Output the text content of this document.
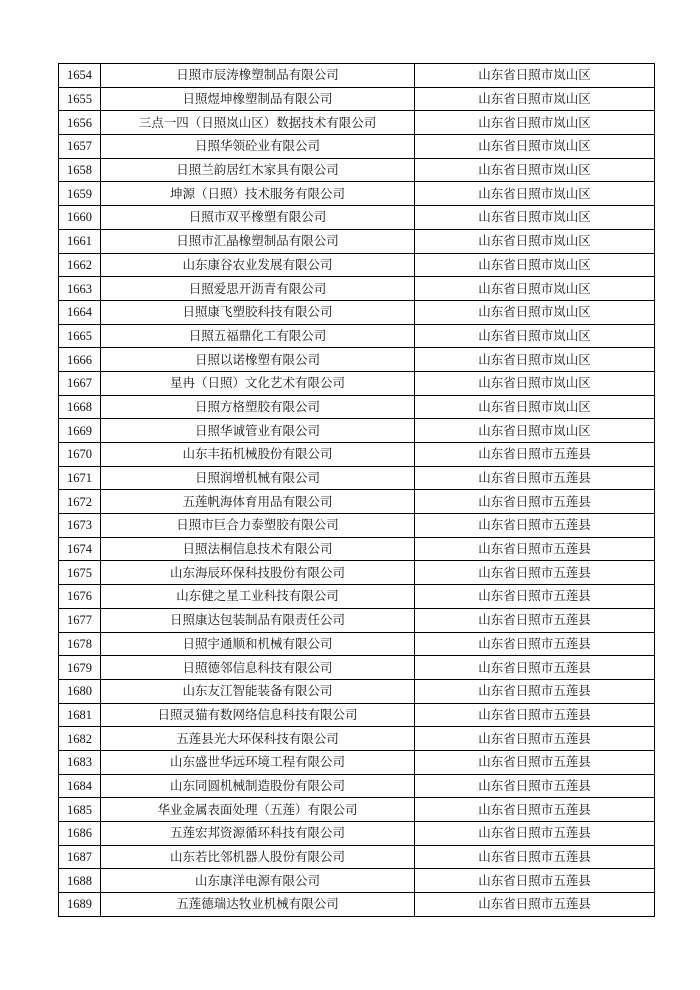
1654	日照市辰涛橡塑制品有限公司	山东省日照市岚山区
1655	日照煜坤橡塑制品有限公司	山东省日照市岚山区
1656	三点一四（日照岚山区）数据技术有限公司	山东省日照市岚山区
1657	日照华领砼业有限公司	山东省日照市岚山区
1658	日照兰韵居红木家具有限公司	山东省日照市岚山区
1659	坤源（日照）技术服务有限公司	山东省日照市岚山区
1660	日照市双平橡塑有限公司	山东省日照市岚山区
1661	日照市汇晶橡塑制品有限公司	山东省日照市岚山区
1662	山东康谷农业发展有限公司	山东省日照市岚山区
1663	日照爱思开沥青有限公司	山东省日照市岚山区
1664	日照康飞塑胶科技有限公司	山东省日照市岚山区
1665	日照五福鼎化工有限公司	山东省日照市岚山区
1666	日照以诺橡塑有限公司	山东省日照市岚山区
1667	星冉（日照）文化艺术有限公司	山东省日照市岚山区
1668	日照方格塑胶有限公司	山东省日照市岚山区
1669	日照华诚管业有限公司	山东省日照市岚山区
1670	山东丰拓机械股份有限公司	山东省日照市五莲县
1671	日照润增机械有限公司	山东省日照市五莲县
1672	五莲帆海体育用品有限公司	山东省日照市五莲县
1673	日照市巨合力泰塑胶有限公司	山东省日照市五莲县
1674	日照法桐信息技术有限公司	山东省日照市五莲县
1675	山东海辰环保科技股份有限公司	山东省日照市五莲县
1676	山东健之星工业科技有限公司	山东省日照市五莲县
1677	日照康达包装制品有限责任公司	山东省日照市五莲县
1678	日照宇通顺和机械有限公司	山东省日照市五莲县
1679	日照德邻信息科技有限公司	山东省日照市五莲县
1680	山东友江智能装备有限公司	山东省日照市五莲县
1681	日照灵猫有数网络信息科技有限公司	山东省日照市五莲县
1682	五莲县光大环保科技有限公司	山东省日照市五莲县
1683	山东盛世华远环境工程有限公司	山东省日照市五莲县
1684	山东同圆机械制造股份有限公司	山东省日照市五莲县
1685	华业金属表面处理（五莲）有限公司	山东省日照市五莲县
1686	五莲宏邦资源循环科技有限公司	山东省日照市五莲县
1687	山东若比邻机器人股份有限公司	山东省日照市五莲县
1688	山东康洋电源有限公司	山东省日照市五莲县
1689	五莲德瑞达牧业机械有限公司	山东省日照市五莲县
